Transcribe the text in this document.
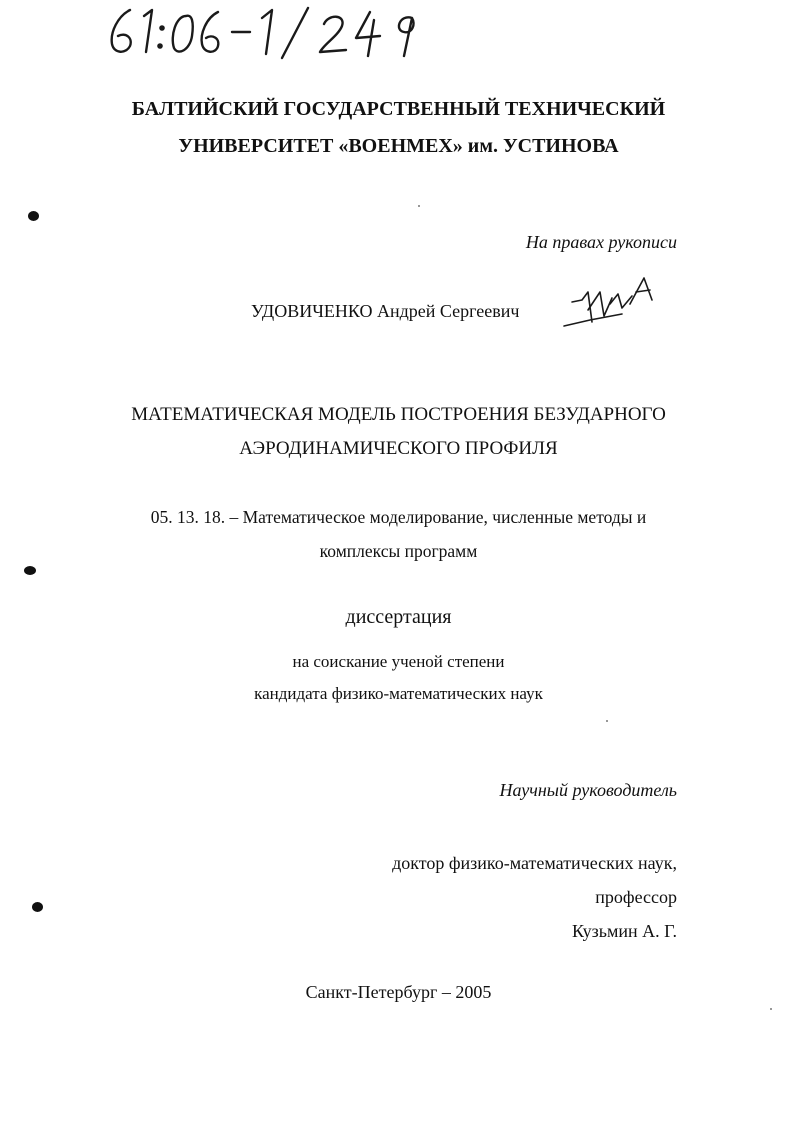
БАЛТИЙСКИЙ ГОСУДАРСТВЕННЫЙ ТЕХНИЧЕСКИЙ
УНИВЕРСИТЕТ «ВОЕНМЕХ» им. УСТИНОВА
На правах рукописи
УДОВИЧЕНКО Андрей Сергеевич
МАТЕМАТИЧЕСКАЯ МОДЕЛЬ ПОСТРОЕНИЯ БЕЗУДАРНОГО
АЭРОДИНАМИЧЕСКОГО ПРОФИЛЯ
05. 13. 18. – Математическое моделирование, численные методы и
комплексы программ
диссертация
на соискание ученой степени
кандидата физико-математических наук
Научный руководитель
доктор физико-математических наук,
профессор
Кузьмин А. Г.
Санкт-Петербург – 2005
